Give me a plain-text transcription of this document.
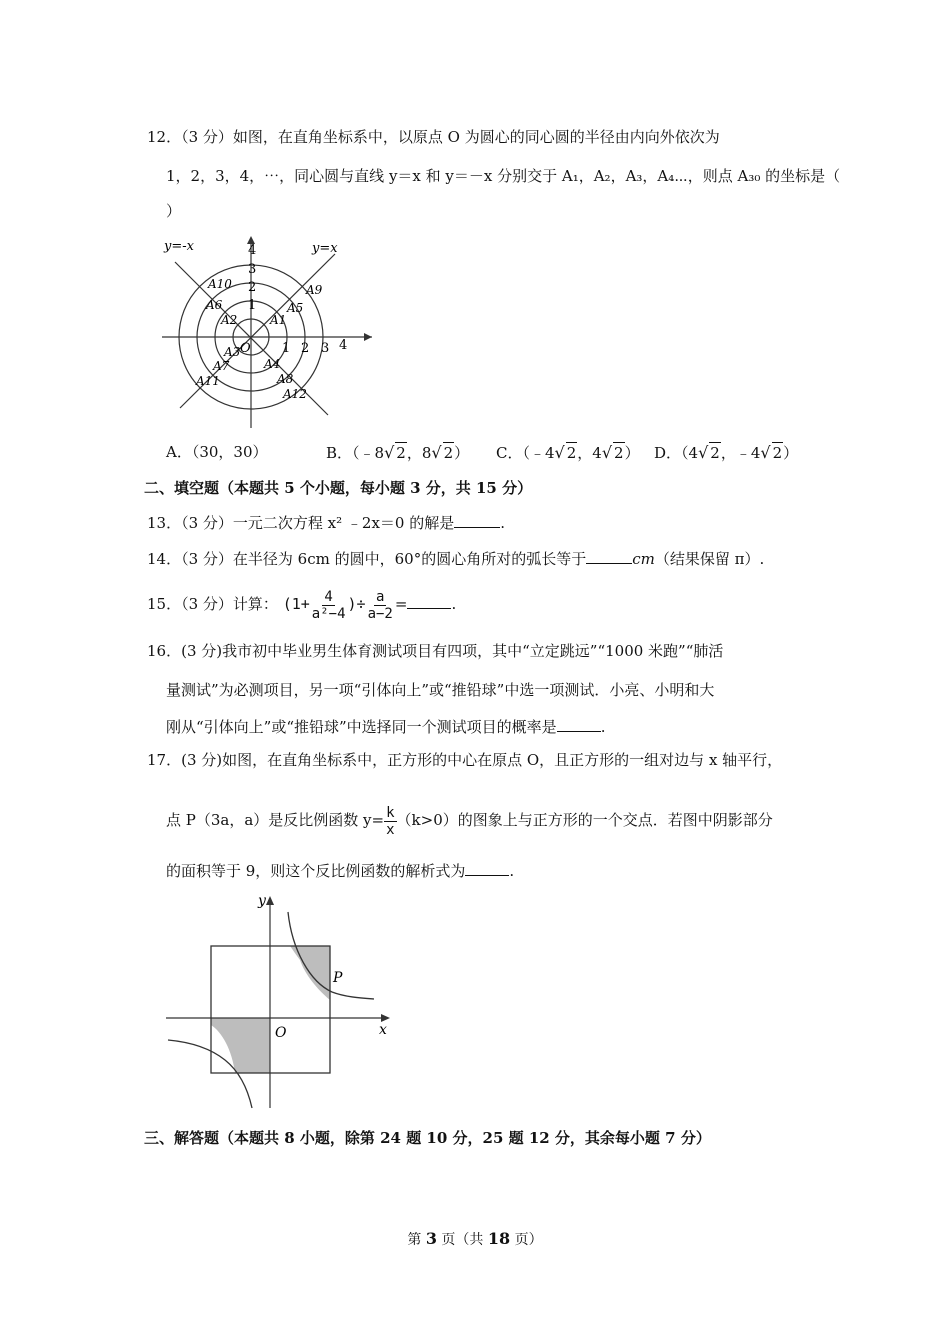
12．（3 分）如图，在直角坐标系中，以原点 O 为圆心的同心圆的半径由内向外依次为
1，2，3，4，⋯，同心圆与直线 y＝x 和 y＝－x 分别交于 A₁，A₂，A₃，A₄⋯，则点 A₃₀ 的坐标是（
）
y=-x	y=x
O
1
2
3
4
1 2 3 4
A1
A2
A3
A4
A5
A6
A7
A8
A9
A10
A11
A12
A．（30，30）	B．（﹣8√ 2，8√ 2） C．（﹣4√ 2，4√ 2） D．（4√ 2，﹣4√ 2）
二、填空题（本题共 5 个小题，每小题 3 分，共 15 分）
13．（3 分）一元二次方程 x² ﹣2x＝0 的解是	.
14．（3 分）在半径为 6cm 的圆中，60°的圆心角所对的弧长等于	cm（结果保留 π）.
15．（3 分）计算： ($1+ \frac{4}{\text{a²−4}}$ )÷ $\frac{a}{a-2}$ =	.
16．(3 分)我市初中毕业男生体育测试项目有四项，其中“立定跳远”“1000 米跑”“肺活
量测试”为必测项目，另一项“引体向上”或“推铅球”中选一项测试．小亮、小明和大
刚从“引体向上”或“推铅球”中选择同一个测试项目的概率是	.
17．(3 分)如图，在直角坐标系中，正方形的中心在原点 O，且正方形的一组对边与 x 轴平行，
点 P（3a，a）是反比例函数 $y= \frac{k}{x} (k>0)$的图象上与正方形的一个交点．若图中阴影部分
的面积等于 9，则这个反比例函数的解析式为	.
y
x
O
P
三、解答题（本题共 8 小题，除第 24 题 10 分，25 题 12 分，其余每小题 7 分）
第 3 页（共 18 页）
